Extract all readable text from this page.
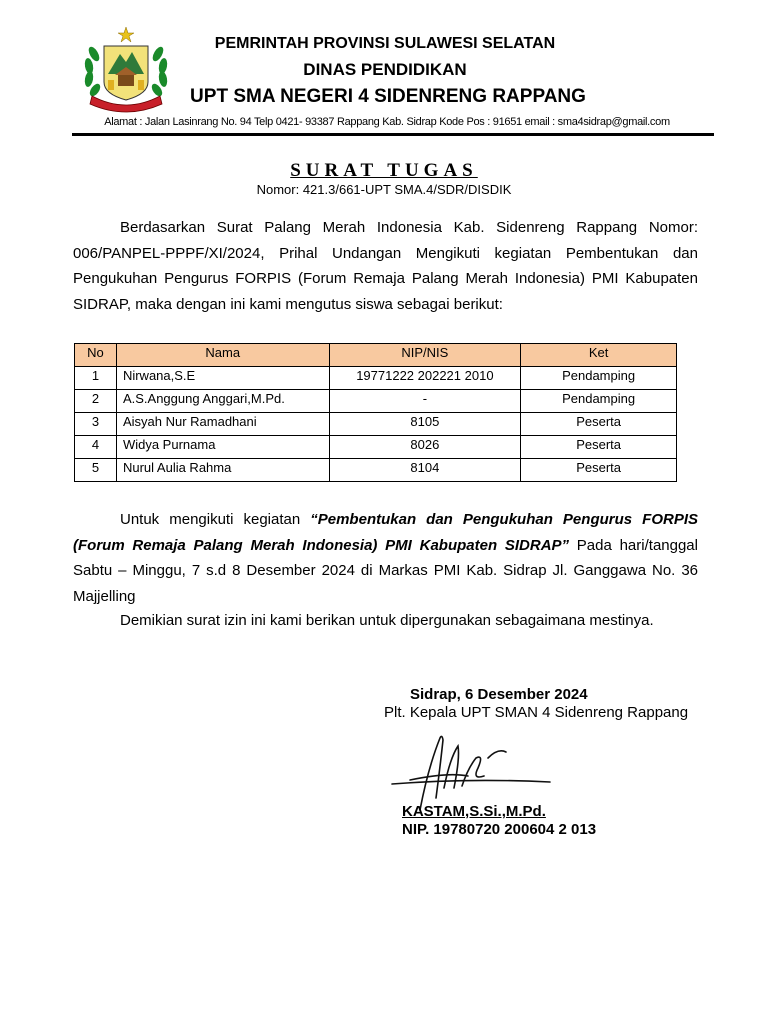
PEMRINTAH PROVINSI SULAWESI SELATAN
DINAS PENDIDIKAN
UPT SMA NEGERI 4 SIDENRENG RAPPANG
Alamat : Jalan Lasinrang No. 94 Telp 0421- 93387 Rappang Kab. Sidrap Kode Pos : 91651 email : sma4sidrap@gmail.com
SURAT TUGAS
Nomor: 421.3/661-UPT SMA.4/SDR/DISDIK
Berdasarkan Surat Palang Merah Indonesia Kab. Sidenreng Rappang Nomor: 006/PANPEL-PPPF/XI/2024, Prihal Undangan Mengikuti kegiatan Pembentukan dan Pengukuhan Pengurus FORPIS (Forum Remaja Palang Merah Indonesia) PMI Kabupaten SIDRAP, maka dengan ini kami mengutus siswa sebagai berikut:
No	Nama	NIP/NIS	Ket
1	Nirwana,S.E	19771222 202221 2010	Pendamping
2	A.S.Anggung Anggari,M.Pd.	-	Pendamping
3	Aisyah Nur Ramadhani	8105	Peserta
4	Widya Purnama	8026	Peserta
5	Nurul Aulia Rahma	8104	Peserta
Untuk mengikuti kegiatan “Pembentukan dan Pengukuhan Pengurus FORPIS (Forum Remaja Palang Merah Indonesia) PMI Kabupaten SIDRAP” Pada hari/tanggal Sabtu – Minggu, 7 s.d 8 Desember 2024 di Markas PMI Kab. Sidrap Jl. Ganggawa No. 36 Majjelling
Demikian surat izin ini kami berikan untuk dipergunakan sebagaimana mestinya.
Sidrap, 6 Desember 2024
Plt. Kepala UPT SMAN 4 Sidenreng Rappang
KASTAM,S.Si.,M.Pd.
NIP. 19780720 200604 2 013
